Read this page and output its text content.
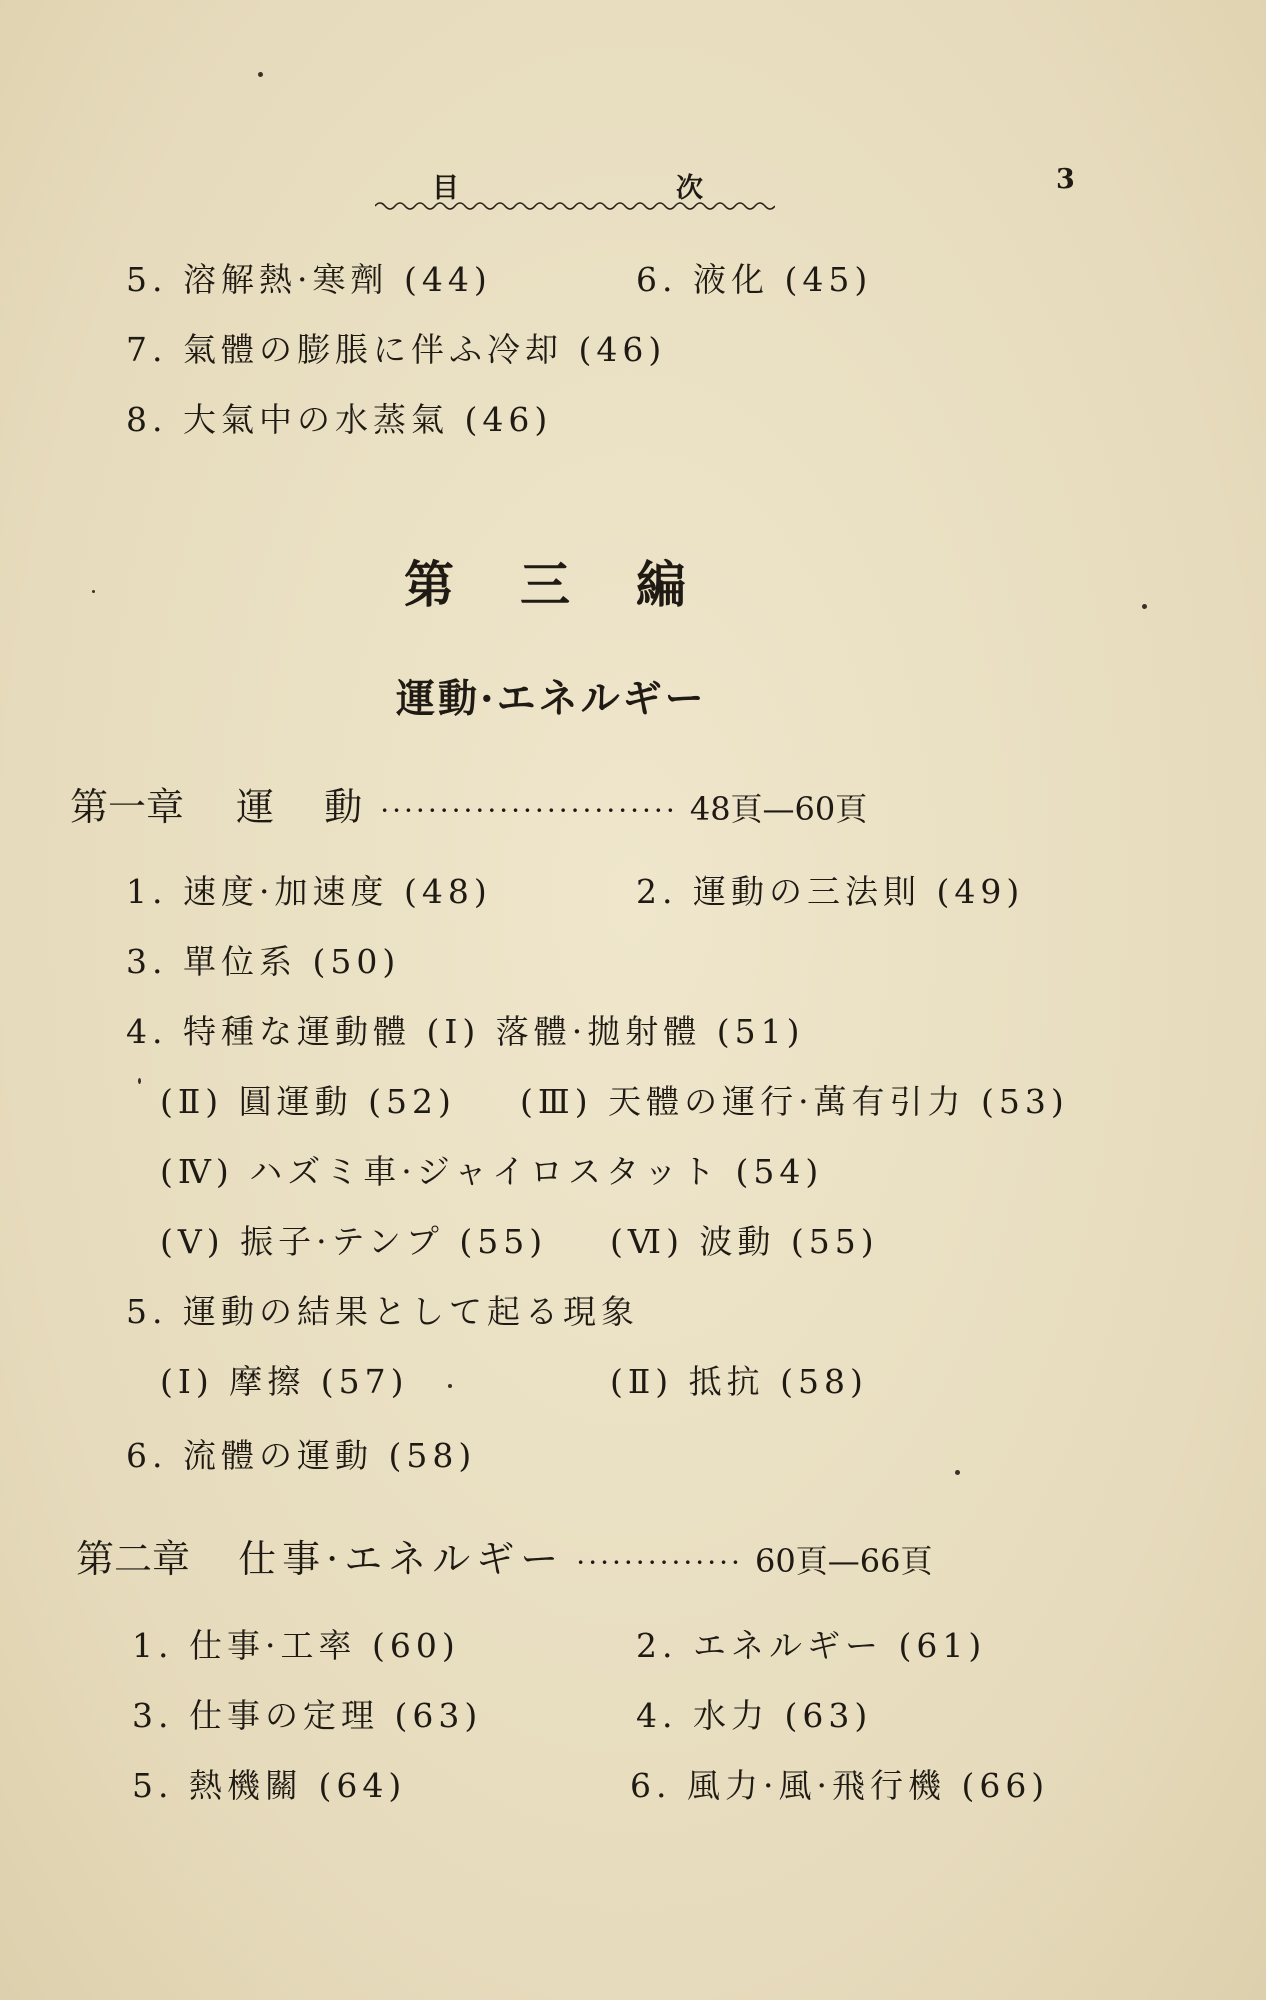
目	次	3
5. 溶解熱·寒劑 (44)	6. 液化 (45)
7. 氣體の膨脹に伴ふ冷却 (46)
8. 大氣中の水蒸氣 (46)
第　三　編
運動·エネルギー
第一章 運　動 ························· 48頁—60頁
1. 速度·加速度 (48)	2. 運動の三法則 (49)
3. 單位系 (50)
4. 特種な運動體 (Ⅰ) 落體·拋射體 (51)
(Ⅱ) 圓運動 (52) (Ⅲ) 天體の運行·萬有引力 (53)
(Ⅳ) ハズミ車·ジャイロスタット (54)
(Ⅴ) 振子·テンプ (55) (Ⅵ) 波動 (55)
5. 運動の結果として起る現象
(Ⅰ) 摩擦 (57)	(Ⅱ) 抵抗 (58)
6. 流體の運動 (58)
第二章 仕事·エネルギー ·············· 60頁—66頁
1. 仕事·工率 (60)	2. エネルギー (61)
3. 仕事の定理 (63)	4. 水力 (63)
5. 熱機關 (64)	6. 風力·風·飛行機 (66)
